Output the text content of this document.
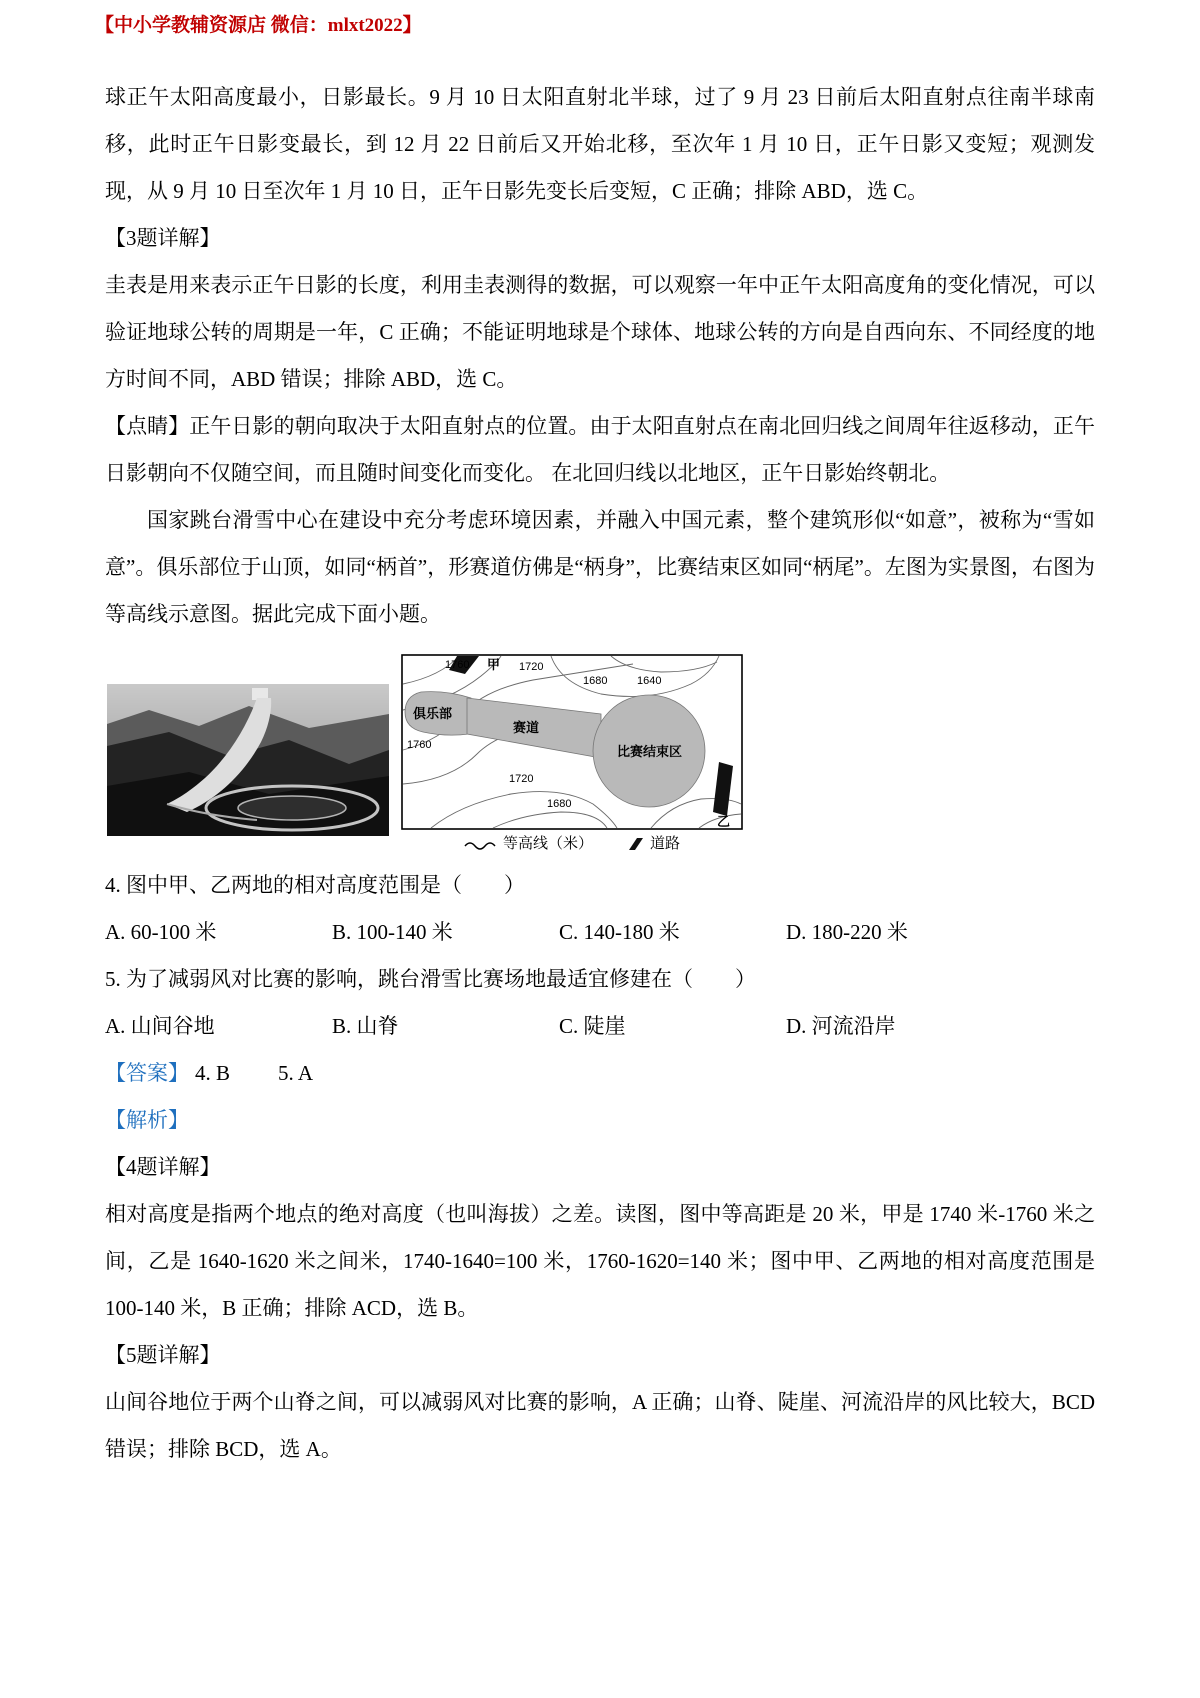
【中小学教辅资源店 微信：mlxt2022】

球正午太阳高度最小，日影最长。9 月 10 日太阳直射北半球，过了 9 月 23 日前后太阳直射点往南半球南移，此时正午日影变最长，到 12 月 22 日前后又开始北移，至次年 1 月 10 日，正午日影又变短；观测发现，从 9 月 10 日至次年 1 月 10 日，正午日影先变长后变短，C 正确；排除 ABD，选 C。

【3题详解】

圭表是用来表示正午日影的长度，利用圭表测得的数据，可以观察一年中正午太阳高度角的变化情况，可以验证地球公转的周期是一年，C 正确；不能证明地球是个球体、地球公转的方向是自西向东、不同经度的地方时间不同，ABD 错误；排除 ABD，选 C。

【点睛】正午日影的朝向取决于太阳直射点的位置。由于太阳直射点在南北回归线之间周年往返移动，正午日影朝向不仅随空间，而且随时间变化而变化。 在北回归线以北地区，正午日影始终朝北。

国家跳台滑雪中心在建设中充分考虑环境因素，并融入中国元素，整个建筑形似“如意”，被称为“雪如意”。俱乐部位于山顶，如同“柄首”，形赛道仿佛是“柄身”，比赛结束区如同“柄尾”。左图为实景图，右图为等高线示意图。据此完成下面小题。

1760	1720
1680	1640
1760
1720
1680
甲
俱乐部
赛道
比赛结束区
乙
等高线（米）	道路

4. 图中甲、乙两地的相对高度范围是（　　）

A. 60-100 米	B. 100-140 米	C. 140-180 米	D. 180-220 米

5. 为了减弱风对比赛的影响，跳台滑雪比赛场地最适宜修建在（　　）

A. 山间谷地	B. 山脊	C. 陡崖	D. 河流沿岸

【答案】 4. B 5. A

【解析】

【4题详解】

相对高度是指两个地点的绝对高度（也叫海拔）之差。读图，图中等高距是 20 米，甲是 1740 米-1760 米之间，乙是 1640-1620 米之间米，1740-1640=100 米，1760-1620=140 米；图中甲、乙两地的相对高度范围是 100-140 米，B 正确；排除 ACD，选 B。

【5题详解】

山间谷地位于两个山脊之间，可以减弱风对比赛的影响，A 正确；山脊、陡崖、河流沿岸的风比较大，BCD 错误；排除 BCD，选 A。
